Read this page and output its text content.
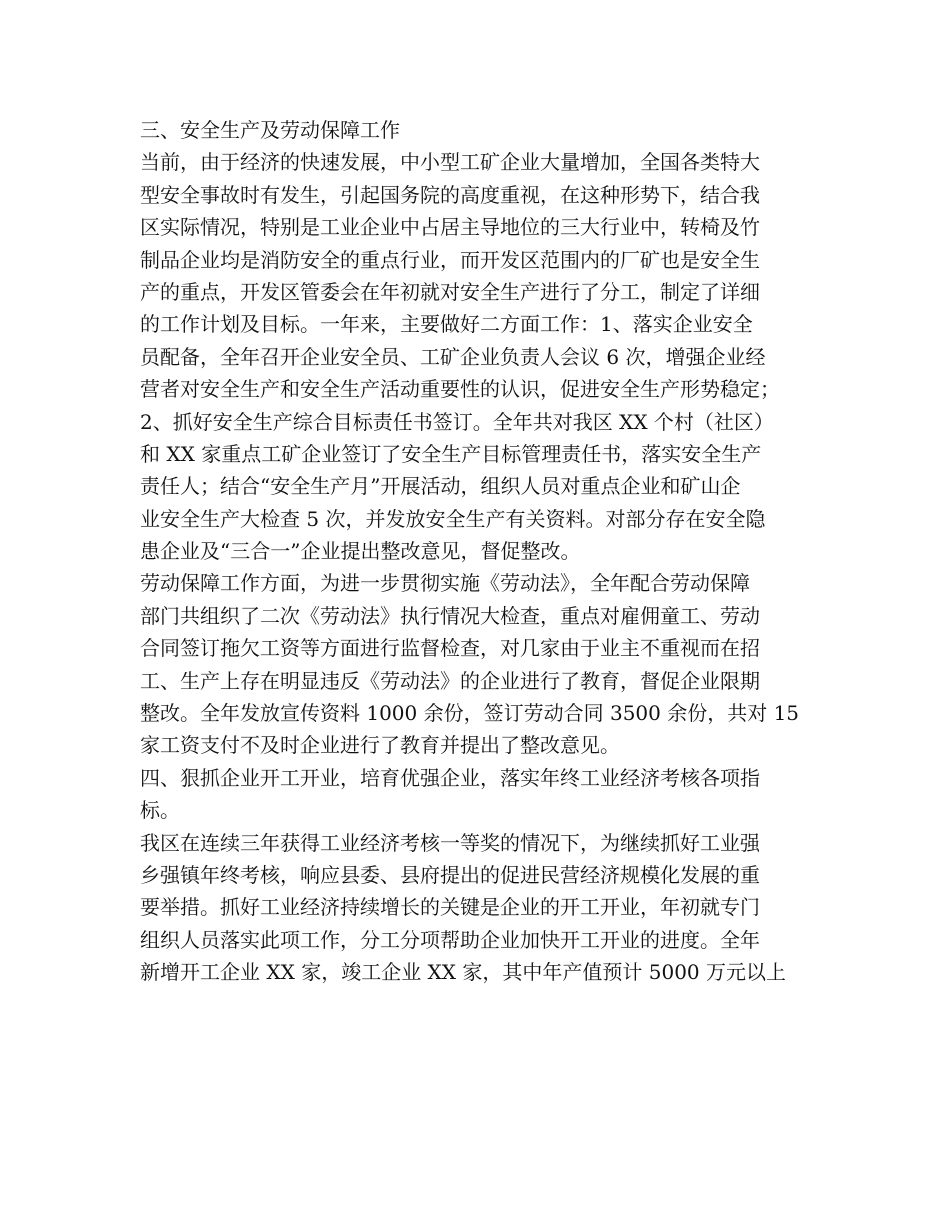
三、安全生产及劳动保障工作
当前，由于经济的快速发展，中小型工矿企业大量增加，全国各类特大
型安全事故时有发生，引起国务院的高度重视，在这种形势下，结合我
区实际情况，特别是工业企业中占居主导地位的三大行业中，转椅及竹
制品企业均是消防安全的重点行业，而开发区范围内的厂矿也是安全生
产的重点，开发区管委会在年初就对安全生产进行了分工，制定了详细
的工作计划及目标。一年来，主要做好二方面工作：1、落实企业安全
员配备，全年召开企业安全员、工矿企业负责人会议 6 次，增强企业经
营者对安全生产和安全生产活动重要性的认识，促进安全生产形势稳定；
2、抓好安全生产综合目标责任书签订。全年共对我区 XX 个村（社区）
和 XX 家重点工矿企业签订了安全生产目标管理责任书，落实安全生产
责任人；结合“安全生产月”开展活动，组织人员对重点企业和矿山企
业安全生产大检查 5 次，并发放安全生产有关资料。对部分存在安全隐
患企业及“三合一”企业提出整改意见，督促整改。
劳动保障工作方面，为进一步贯彻实施《劳动法》，全年配合劳动保障
部门共组织了二次《劳动法》执行情况大检查，重点对雇佣童工、劳动
合同签订拖欠工资等方面进行监督检查，对几家由于业主不重视而在招
工、生产上存在明显违反《劳动法》的企业进行了教育，督促企业限期
整改。全年发放宣传资料 1000 余份，签订劳动合同 3500 余份，共对 15
家工资支付不及时企业进行了教育并提出了整改意见。
四、狠抓企业开工开业，培育优强企业，落实年终工业经济考核各项指
标。
我区在连续三年获得工业经济考核一等奖的情况下，为继续抓好工业强
乡强镇年终考核，响应县委、县府提出的促进民营经济规模化发展的重
要举措。抓好工业经济持续增长的关键是企业的开工开业，年初就专门
组织人员落实此项工作，分工分项帮助企业加快开工开业的进度。全年
新增开工企业 XX 家，竣工企业 XX 家，其中年产值预计 5000 万元以上
